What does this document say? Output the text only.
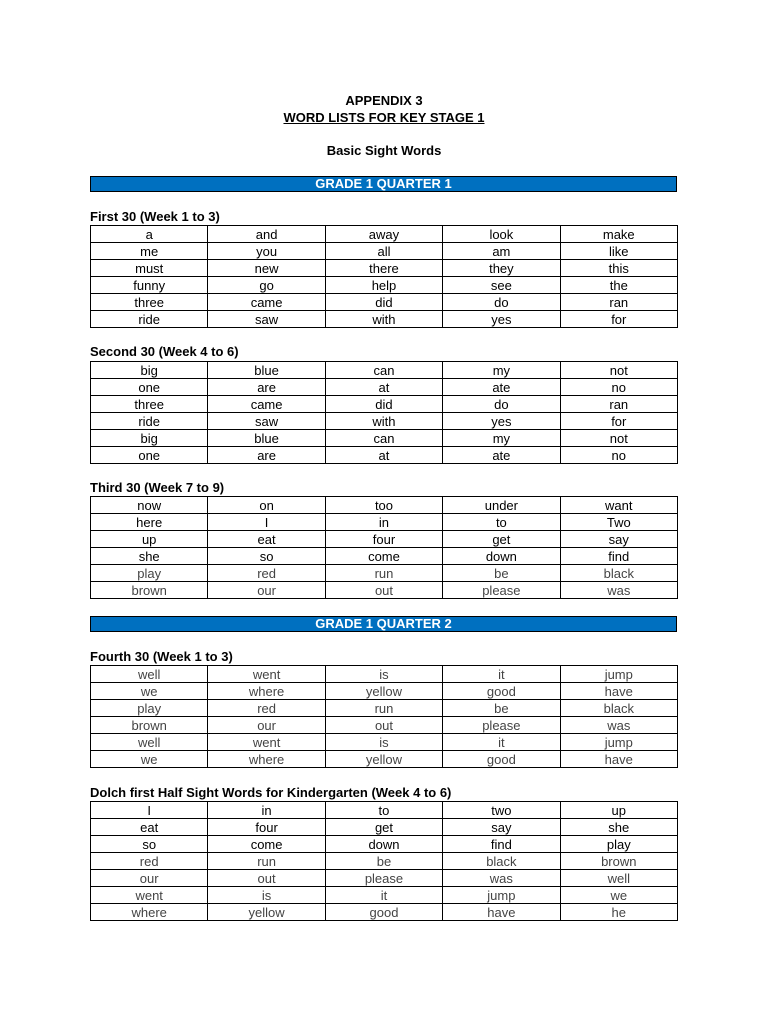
APPENDIX 3
WORD LISTS FOR KEY STAGE 1
Basic Sight Words
GRADE 1 QUARTER 1
First 30 (Week 1 to 3)
a	and	away	look	make
me	you	all	am	like
must	new	there	they	this
funny	go	help	see	the
three	came	did	do	ran
ride	saw	with	yes	for
Second 30 (Week 4 to 6)
big	blue	can	my	not
one	are	at	ate	no
three	came	did	do	ran
ride	saw	with	yes	for
big	blue	can	my	not
one	are	at	ate	no
Third 30 (Week 7 to 9)
now	on	too	under	want
here	I	in	to	Two
up	eat	four	get	say
she	so	come	down	find
play	red	run	be	black
brown	our	out	please	was
GRADE 1 QUARTER 2
Fourth 30 (Week 1 to 3)
well	went	is	it	jump
we	where	yellow	good	have
play	red	run	be	black
brown	our	out	please	was
well	went	is	it	jump
we	where	yellow	good	have
Dolch first Half Sight Words for Kindergarten (Week 4 to 6)
I	in	to	two	up
eat	four	get	say	she
so	come	down	find	play
red	run	be	black	brown
our	out	please	was	well
went	is	it	jump	we
where	yellow	good	have	he
